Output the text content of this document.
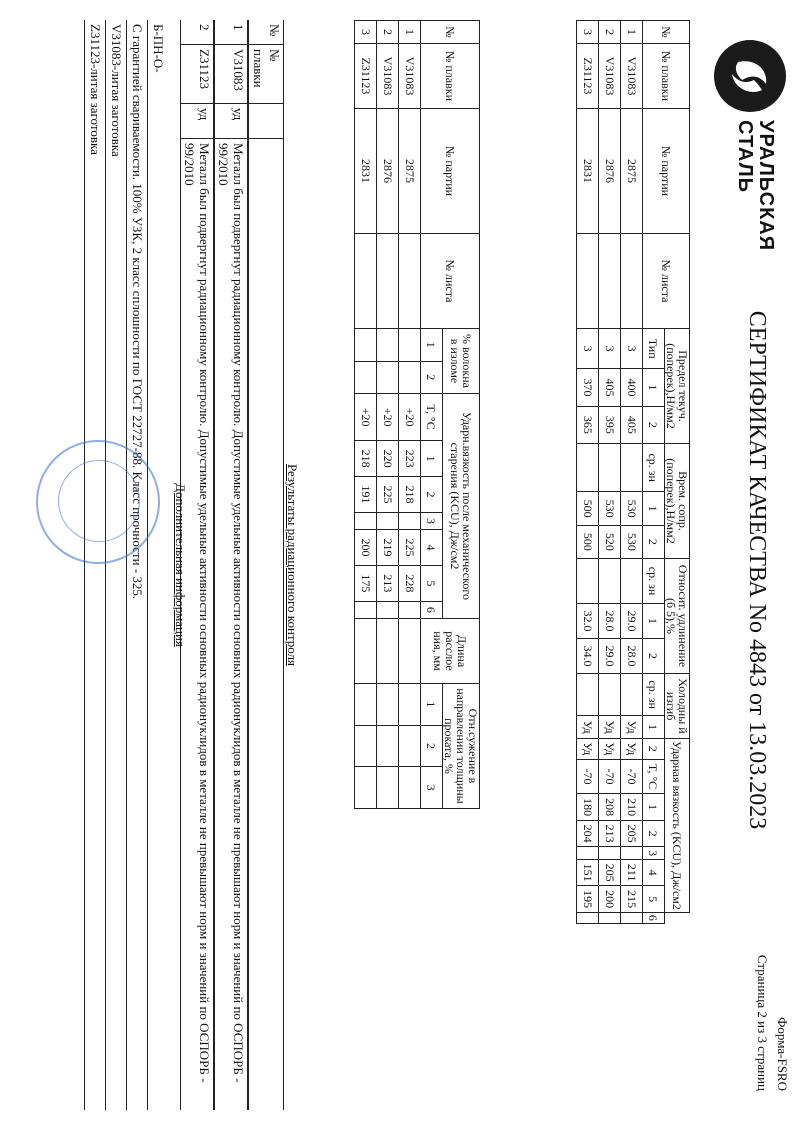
УРАЛЬСКАЯ
СТАЛЬ
СЕРТИФИКАТ КАЧЕСТВА No 4843 от 13.03.2023
Форма-FSRO
Страница 2 из 3 страниц
№	№ плавки	№ партии	№ листа	Предел текуч. (поперек),Н/мм2			Врем. сопр. (поперек),Н/мм2			Относит. удлинение (б 5),%			Холодны й изгиб		Ударная вязкость (KCU), Дж/см2							
				Тип	1	2	ср. зн	1	2	ср. зн	1	2	ср. зн	1	2	T, °C	1	2	3	4	5	6
1	V31083	2875		3	400	405		530	530		29.0	28.0		Уд	Уд	-70	210	205		211	215	
2	V31083	2876		3	405	395		530	520		28.0	29.0		Уд	Уд	-70	208	213		205	200	
3	Z31123	2831		3	370	365		500	500		32.0	34.0		Уд	Уд	-70	180	204		151	195	
№	№ плавки	№ партии	№ листа	% волокна в изломе		Ударн.вязкость после механического старения (KCU), Дж/см2							Длина расслое ния, мм	Отн.сужение в направлении толщины проката, %		
				1	2	T, °C	1	2	3	4	5	6		1	2	3
1	V31083	2875				+20	223	218		225	228					
2	V31083	2876				+20	220	225		219	213					
3	Z31123	2831				+20	218	191		200	175					
Результаты радиационного контроля
№
№ плавки
1
V31083
уд
Металл был подвергнут радиационному контролю. Допустимые удельные активности основных радионуклидов в металле не превышают норм и значений по ОСПОРБ - 99/2010
2
Z31123
уд
Металл был подвергнут радиационному контролю. Допустимые удельные активности основных радионуклидов в металле не превышают норм и значений по ОСПОРБ - 99/2010
Дополнительная информация
Б-ПН-О-
С гарантией свариваемости. 100% УЗК, 2 класс сплошности по ГОСТ 22727-88. Класс прочности - 325.
V31083-литая заготовка
Z31123-литая заготовка
